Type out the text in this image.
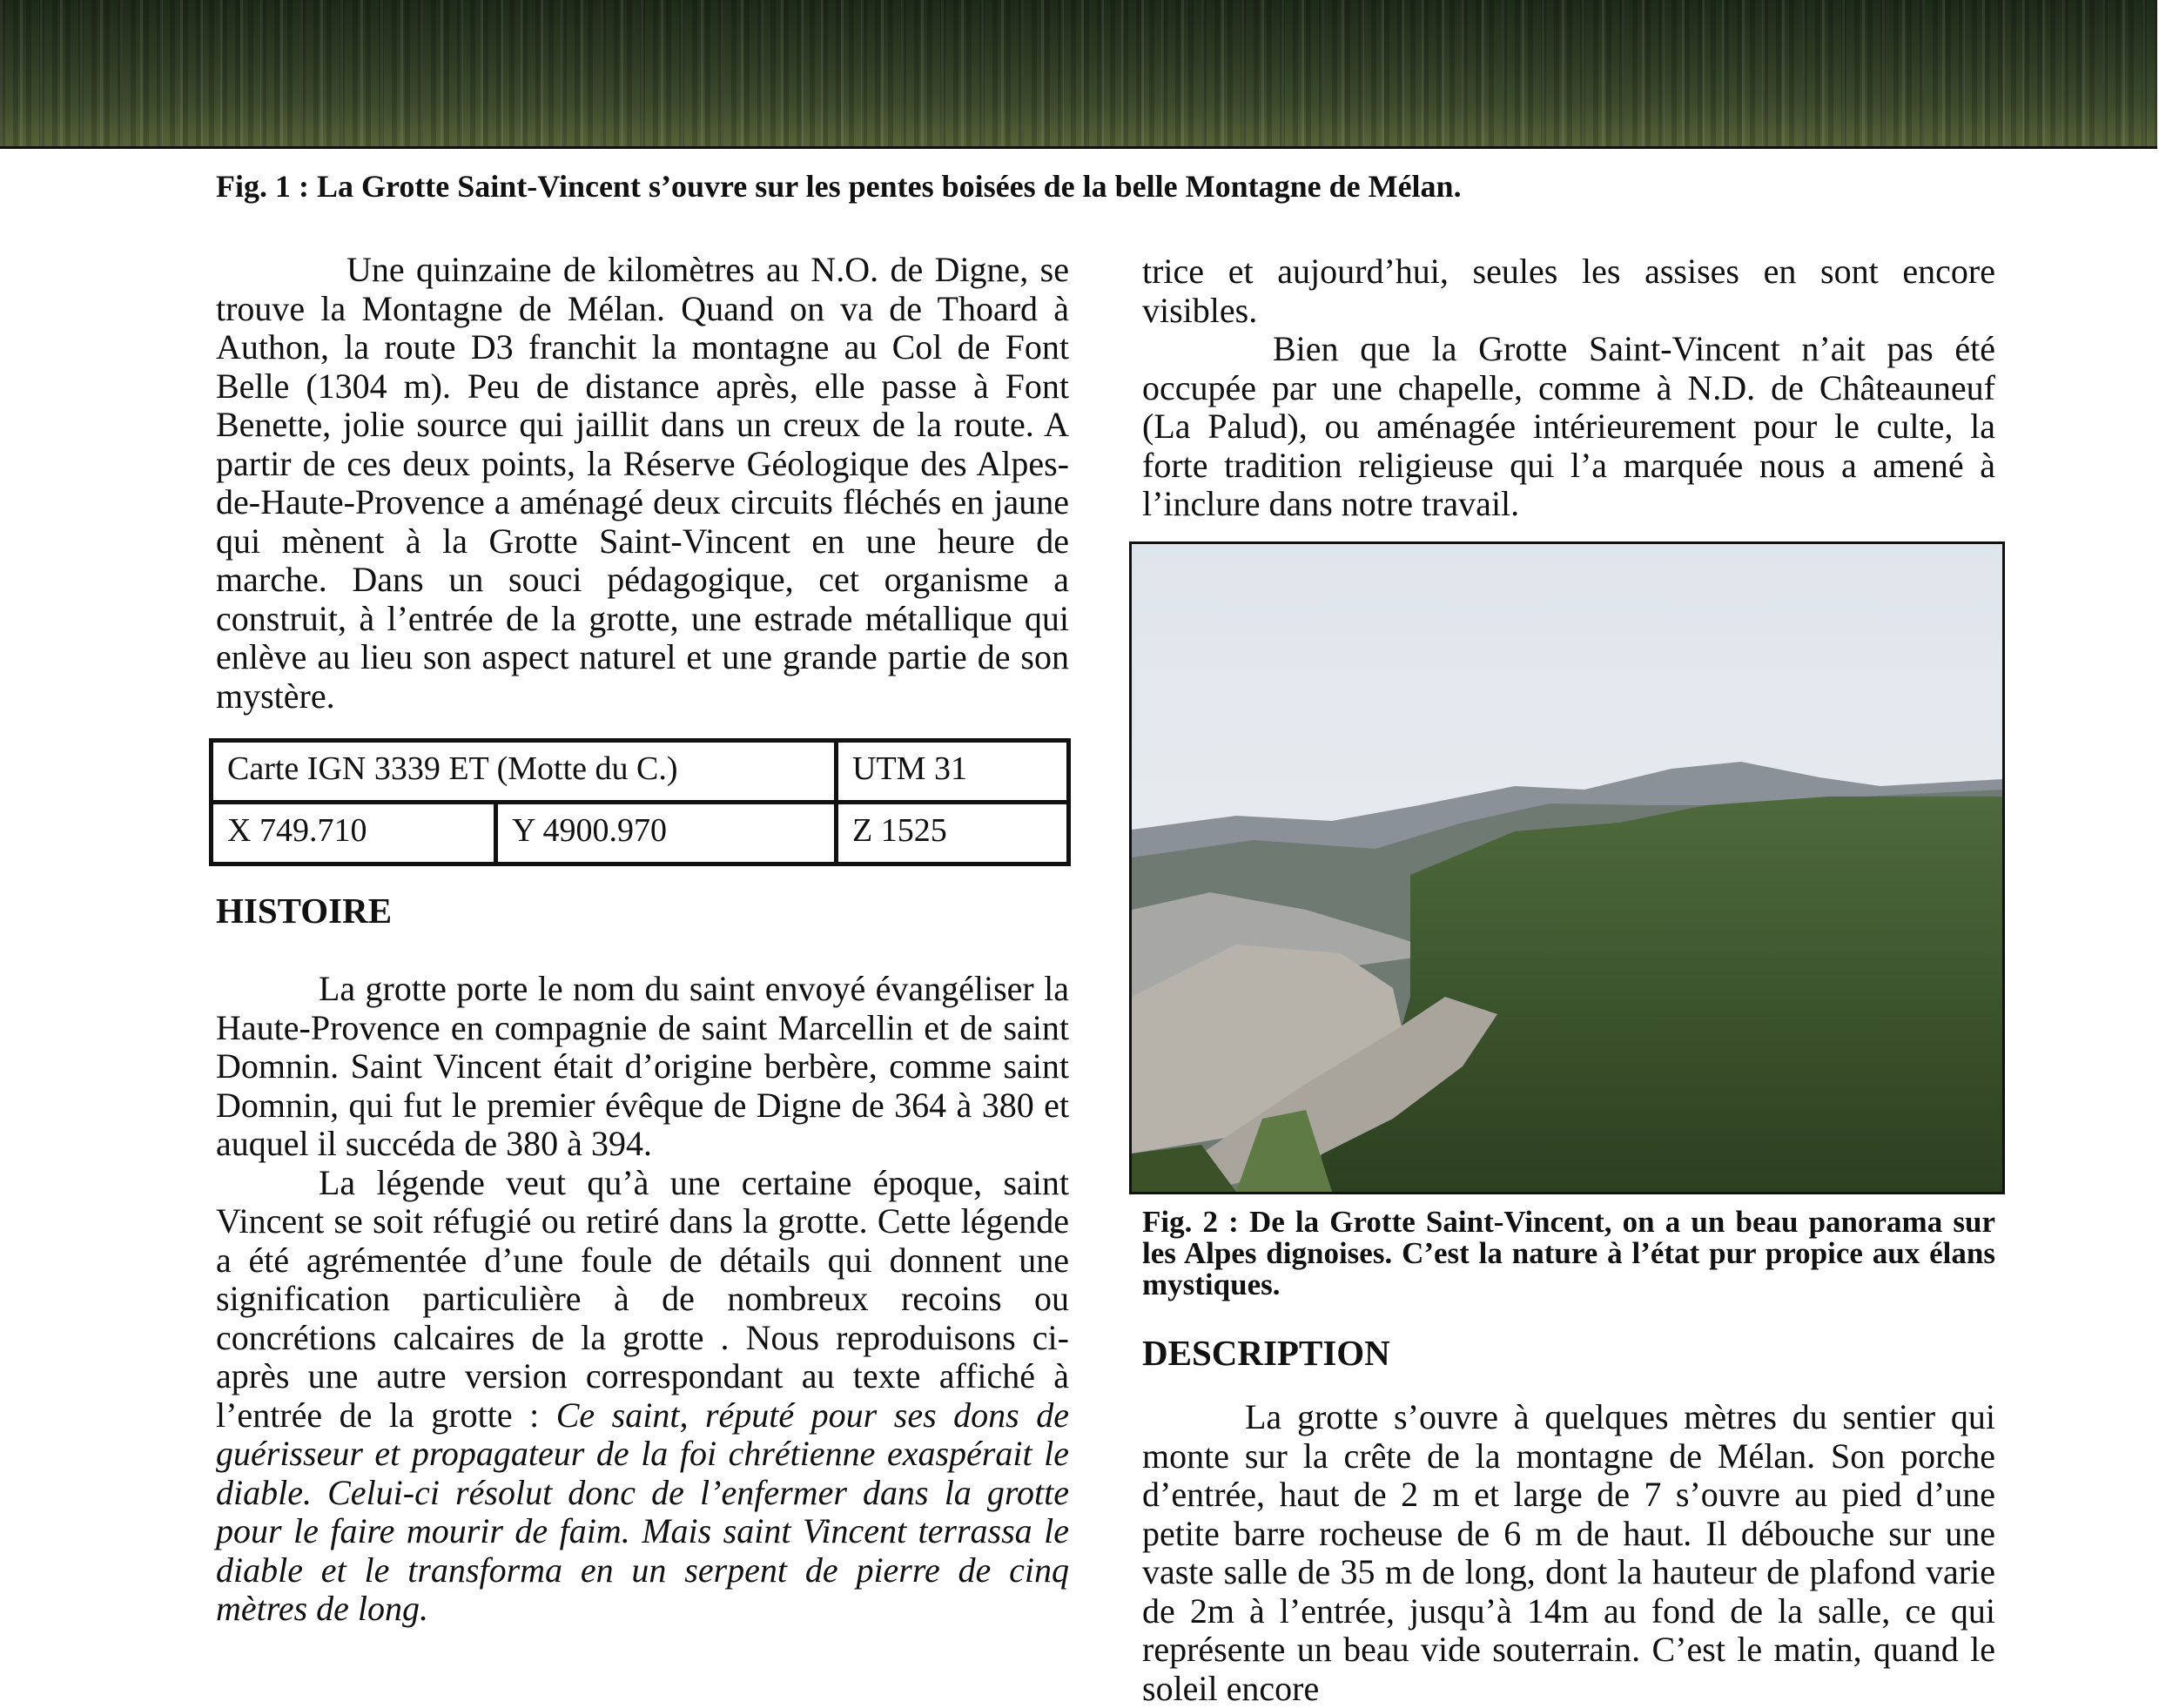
Fig. 1 : La Grotte Saint-Vincent s’ouvre sur les pentes boisées de la belle Montagne de Mélan.

Une quinzaine de kilomètres au N.O. de Digne, se trouve la Montagne de Mélan. Quand on va de Thoard à Authon, la route D3 franchit la montagne au Col de Font Belle (1304 m). Peu de distance après, elle passe à Font Benette, jolie source qui jaillit dans un creux de la route. A partir de ces deux points, la Réserve Géologique des Alpes-de-Haute-Provence a aménagé deux circuits fléchés en jaune qui mènent à la Grotte Saint-Vincent en une heure de marche. Dans un souci pédagogique, cet organisme a construit, à l’entrée de la grotte, une estrade métallique qui enlève au lieu son aspect naturel et une grande partie de son mystère.

Carte IGN 3339 ET (Motte du C.)		UTM 31
X 749.710	Y 4900.970	Z 1525
HISTOIRE

La grotte porte le nom du saint envoyé évangéliser la Haute-Provence en compagnie de saint Marcellin et de saint Domnin. Saint Vincent était d’origine berbère, comme saint Domnin, qui fut le premier évêque de Digne de 364 à 380 et auquel il succéda de 380 à 394.

La légende veut qu’à une certaine époque, saint Vincent se soit réfugié ou retiré dans la grotte. Cette légende a été agrémentée d’une foule de détails qui donnent une signification particulière à de nombreux recoins ou concrétions calcaires de la grotte . Nous reproduisons ci-après une autre version correspondant au texte affiché à l’entrée de la grotte : Ce saint, réputé pour ses dons de guérisseur et propagateur de la foi chrétienne exaspérait le diable. Celui-ci résolut donc de l’enfermer dans la grotte pour le faire mourir de faim. Mais saint Vincent terrassa le diable et le transforma en un serpent de pierre de cinq mètres de long.

trice et aujourd’hui, seules les assises en sont encore visibles.

Bien que la Grotte Saint-Vincent n’ait pas été occupée par une chapelle, comme à N.D. de Châteauneuf (La Palud), ou aménagée intérieurement pour le culte, la forte tradition religieuse qui l’a marquée nous a amené à l’inclure dans notre travail.

Fig. 2 : De la Grotte Saint-Vincent, on a un beau panorama sur les Alpes dignoises. C’est la nature à l’état pur propice aux élans mystiques.
DESCRIPTION

La grotte s’ouvre à quelques mètres du sentier qui monte sur la crête de la montagne de Mélan. Son porche d’entrée, haut de 2 m et large de 7 s’ouvre au pied d’une petite barre rocheuse de 6 m de haut. Il débouche sur une vaste salle de 35 m de long, dont la hauteur de plafond varie de 2m à l’entrée, jusqu’à 14m au fond de la salle, ce qui représente un beau vide souterrain. C’est le matin, quand le soleil encore
